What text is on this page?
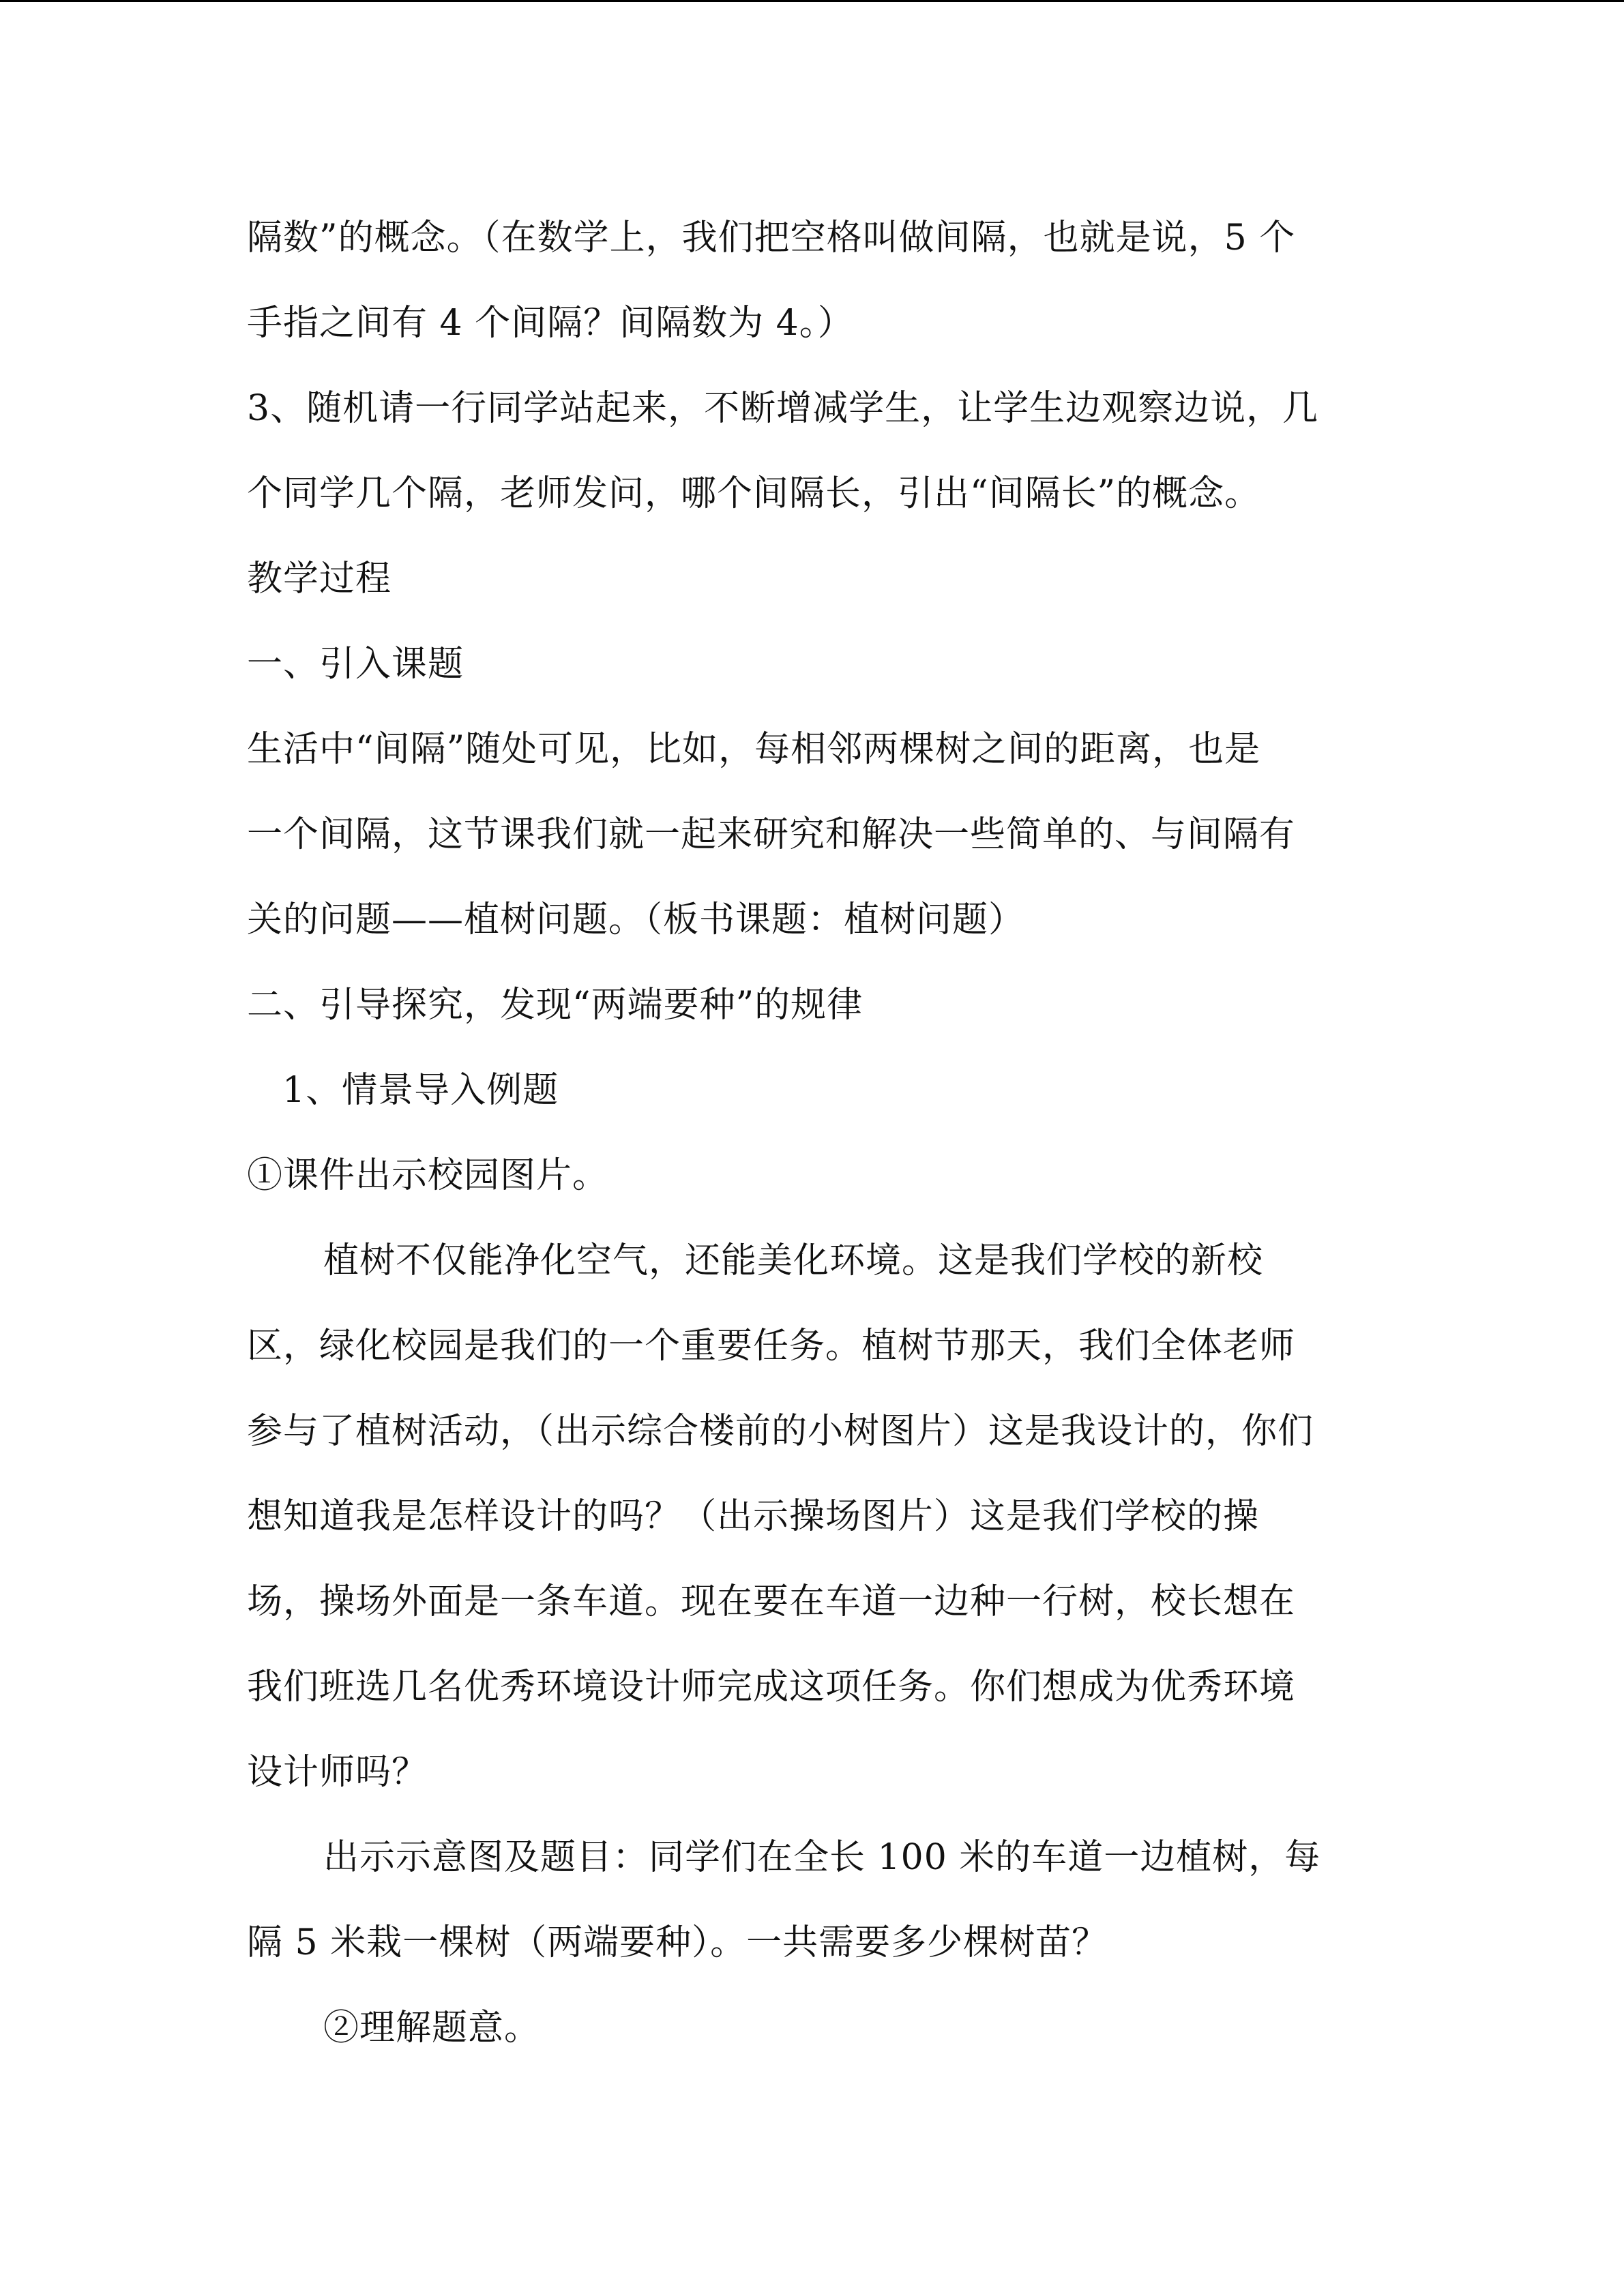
隔数”的概念。（在数学上，我们把空格叫做间隔，也就是说，5 个
手指之间有 4 个间隔？间隔数为 4。）
3、随机请一行同学站起来，不断增减学生，让学生边观察边说，几
个同学几个隔，老师发问，哪个间隔长，引出“间隔长”的概念。
教学过程
一、引入课题
生活中“间隔”随处可见，比如，每相邻两棵树之间的距离，也是
一个间隔，这节课我们就一起来研究和解决一些简单的、与间隔有
关的问题——植树问题。（板书课题：植树问题）
二、引导探究，发现“两端要种”的规律
1、情景导入例题
①课件出示校园图片。
植树不仅能净化空气，还能美化环境。这是我们学校的新校
区，绿化校园是我们的一个重要任务。植树节那天，我们全体老师
参与了植树活动，（出示综合楼前的小树图片）这是我设计的，你们
想知道我是怎样设计的吗？（出示操场图片）这是我们学校的操
场，操场外面是一条车道。现在要在车道一边种一行树，校长想在
我们班选几名优秀环境设计师完成这项任务。你们想成为优秀环境
设计师吗？
出示示意图及题目：同学们在全长 100 米的车道一边植树，每
隔 5 米栽一棵树（两端要种）。一共需要多少棵树苗？
②理解题意。
